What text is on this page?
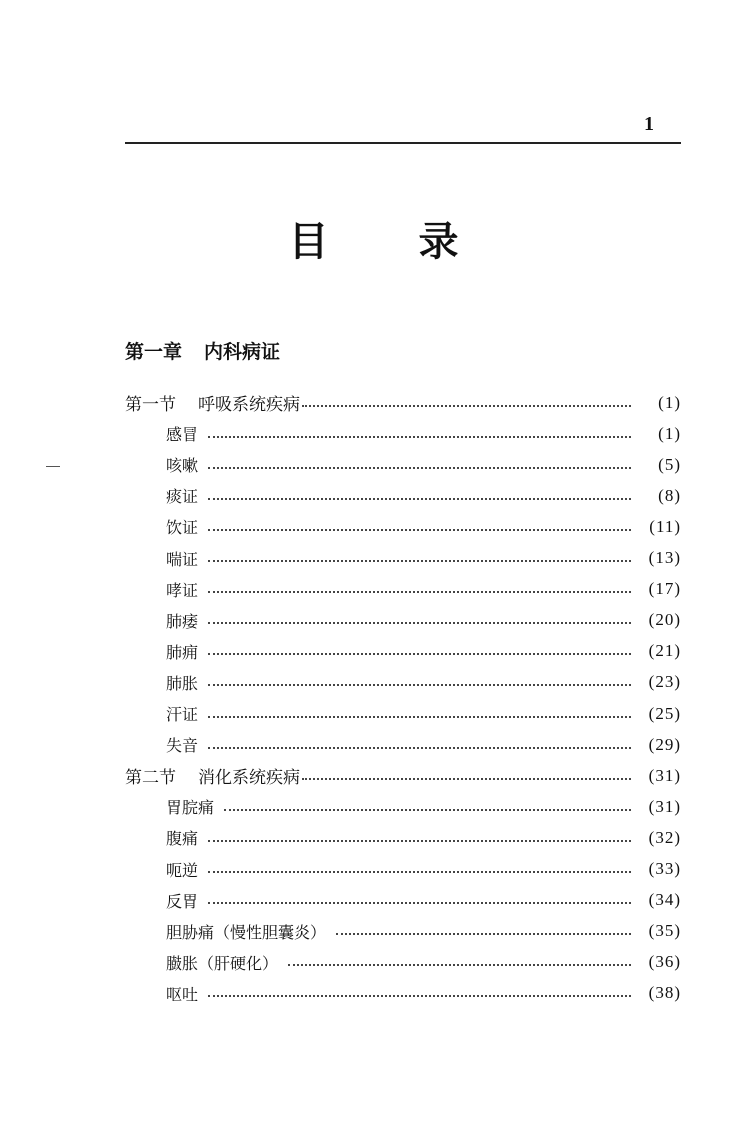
1
目 录
第一章 内科病证
第一节 呼吸系统疾病	(1)
感冒	(1)
咳嗽	(5)
痰证	(8)
饮证	(11)
喘证	(13)
哮证	(17)
肺痿	(20)
肺痈	(21)
肺胀	(23)
汗证	(25)
失音	(29)
第二节 消化系统疾病	(31)
胃脘痛	(31)
腹痛	(32)
呃逆	(33)
反胃	(34)
胆胁痛（慢性胆囊炎）	(35)
臌胀（肝硬化）	(36)
呕吐	(38)
